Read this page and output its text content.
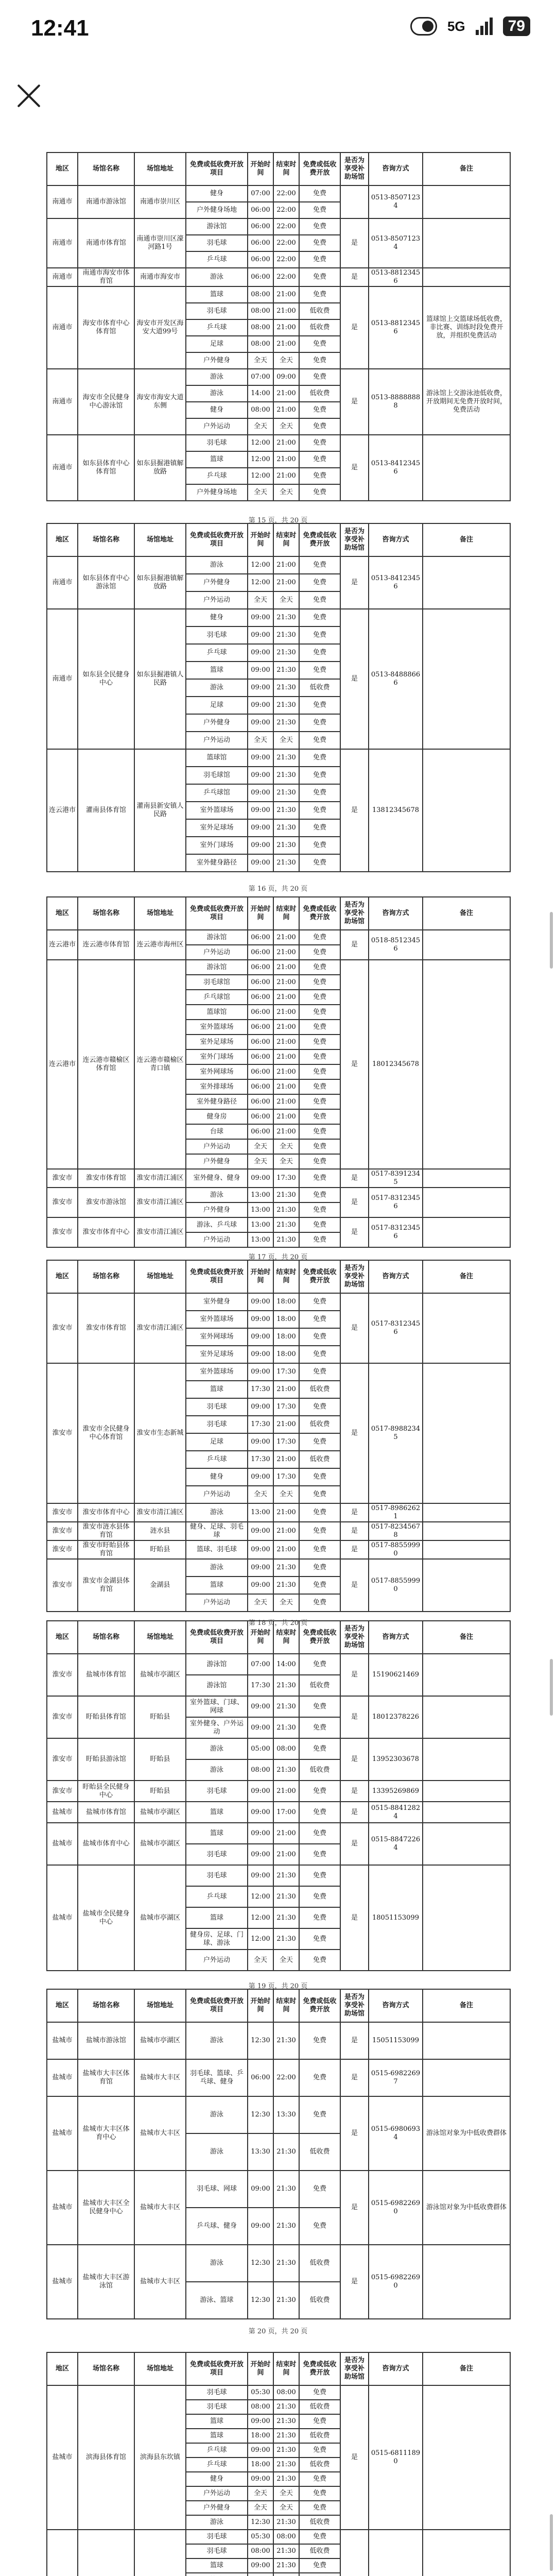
12:41	5G	79
地区	场馆名称	场馆地址	免费或低收费开放项目	开始时间	结束时间	免费或低收费开放	是否为享受补助场馆	咨询方式	备注
南通市	南通市游泳馆	南通市崇川区	健身	07:00	22:00	免费		0513-85071234	
			户外健身场地	06:00	22:00	免费			
南通市	南通市体育馆	南通市崇川区濠河路1号	游泳馆	06:00	22:00	免费	是	0513-85071234	
			羽毛球	06:00	22:00	免费			
			乒乓球	06:00	22:00	免费			
南通市	南通市海安市体育馆	南通市海安市	游泳	06:00	22:00	免费	是	0513-88123456	
南通市	海安市体育中心体育馆	海安市开发区海安大道99号	篮球	08:00	21:00	免费	是	0513-88123456	篮球馆上交篮球场低收费，非比赛、训练时段免费开放，并组织免费活动
			羽毛球	08:00	21:00	低收费			
			乒乓球	08:00	21:00	低收费			
			足球	08:00	21:00	免费			
			户外健身	全天	全天	免费			
南通市	海安市全民健身中心游泳馆	海安市海安大道东侧	游泳	07:00	09:00	免费	是	0513-88888888	游泳馆上交游泳池低收费，开放期间无免费开放时间，免费活动
			游泳	14:00	21:00	低收费			
			健身	08:00	21:00	免费			
			户外运动	全天	全天	免费			
南通市	如东县体育中心体育馆	如东县掘港镇解放路	羽毛球	12:00	21:00	免费	是	0513-84123456	
			篮球	12:00	21:00	免费			
			乒乓球	12:00	21:00	免费			
			户外健身场地	全天	全天	免费			
第 15 页，共 20 页
地区	场馆名称	场馆地址	免费或低收费开放项目	开始时间	结束时间	免费或低收费开放	是否为享受补助场馆	咨询方式	备注
南通市	如东县体育中心游泳馆	如东县掘港镇解放路	游泳	12:00	21:00	免费	是	0513-84123456	
			户外健身	12:00	21:00	免费			
			户外运动	全天	全天	免费			
南通市	如东县全民健身中心	如东县掘港镇人民路	健身	09:00	21:30	免费	是	0513-84888666	
			羽毛球	09:00	21:30	免费			
			乒乓球	09:00	21:30	免费			
			篮球	09:00	21:30	免费			
			游泳	09:00	21:30	低收费			
			足球	09:00	21:30	免费			
			户外健身	09:00	21:30	免费			
			户外运动	全天	全天	免费			
连云港市	灌南县体育馆	灌南县新安镇人民路	篮球馆	09:00	21:30	免费	是	13812345678	
			羽毛球馆	09:00	21:30	免费			
			乒乓球馆	09:00	21:30	免费			
			室外篮球场	09:00	21:30	免费			
			室外足球场	09:00	21:30	免费			
			室外门球场	09:00	21:30	免费			
			室外健身路径	09:00	21:30	免费			
第 16 页，共 20 页
地区	场馆名称	场馆地址	免费或低收费开放项目	开始时间	结束时间	免费或低收费开放	是否为享受补助场馆	咨询方式	备注
连云港市	连云港市体育馆	连云港市海州区	游泳馆	06:00	21:00	免费	是	0518-85123456	
			户外运动	06:00	21:00	免费			
连云港市	连云港市赣榆区体育馆	连云港市赣榆区青口镇	游泳馆	06:00	21:00	免费	是	18012345678	
			羽毛球馆	06:00	21:00	免费			
			乒乓球馆	06:00	21:00	免费			
			篮球馆	06:00	21:00	免费			
			室外篮球场	06:00	21:00	免费			
			室外足球场	06:00	21:00	免费			
			室外门球场	06:00	21:00	免费			
			室外网球场	06:00	21:00	免费			
			室外排球场	06:00	21:00	免费			
			室外健身路径	06:00	21:00	免费			
			健身房	06:00	21:00	免费			
			台球	06:00	21:00	免费			
			户外运动	全天	全天	免费			
			户外健身	全天	全天	免费			
淮安市	淮安市体育馆	淮安市清江浦区	室外健身、健身	09:00	17:30	免费	是	0517-83912345	
淮安市	淮安市游泳馆	淮安市清江浦区	游泳	13:00	21:30	免费	是	0517-83123456	
			户外健身	13:00	21:30	免费			
淮安市	淮安市体育中心	淮安市清江浦区	游泳、乒乓球	13:00	21:30	免费	是	0517-83123456	
			户外运动	13:00	21:30	免费			
第 17 页，共 20 页
地区	场馆名称	场馆地址	免费或低收费开放项目	开始时间	结束时间	免费或低收费开放	是否为享受补助场馆	咨询方式	备注
淮安市	淮安市体育馆	淮安市清江浦区	室外健身	09:00	18:00	免费	是	0517-83123456	
			室外篮球场	09:00	18:00	免费			
			室外网球场	09:00	18:00	免费			
			室外足球场	09:00	18:00	免费			
淮安市	淮安市全民健身中心体育馆	淮安市生态新城	室外篮球场	09:00	17:30	免费	是	0517-89882345	
			篮球	17:30	21:00	低收费			
			羽毛球	09:00	17:30	免费			
			羽毛球	17:30	21:00	低收费			
			足球	09:00	17:30	免费			
			乒乓球	17:30	21:00	低收费			
			健身	09:00	17:30	免费			
			户外运动	全天	全天	免费			
淮安市	淮安市体育中心	淮安市清江浦区	游泳	13:00	21:00	免费	是	0517-89862621	
淮安市	淮安市涟水县体育馆	涟水县	健身、足球、羽毛球	09:00	21:00	免费	是	0517-82345678	
淮安市	淮安市盱眙县体育馆	盱眙县	篮球、羽毛球	09:00	21:00	免费	是	0517-88559990	
淮安市	淮安市金湖县体育馆	金湖县	游泳	09:00	21:30	免费	是	0517-88559990	
			篮球	09:00	21:30	免费			
			户外运动	全天	全天	免费			
第 18 页，共 20 页
地区	场馆名称	场馆地址	免费或低收费开放项目	开始时间	结束时间	免费或低收费开放	是否为享受补助场馆	咨询方式	备注
淮安市	盐城市体育馆	盐城市亭湖区	游泳馆	07:00	14:00	免费	是	15190621469	
			游泳馆	17:30	21:30	低收费			
淮安市	盱眙县体育馆	盱眙县	室外篮球、门球、网球	09:00	21:30	免费	是	18012378226	
			室外健身、户外运动	09:00	21:30	免费			
淮安市	盱眙县游泳馆	盱眙县	游泳	05:00	08:00	免费	是	13952303678	
			游泳	08:00	21:30	低收费			
淮安市	盱眙县全民健身中心	盱眙县	羽毛球	09:00	21:00	免费	是	13395269869	
盐城市	盐城市体育馆	盐城市亭湖区	篮球	09:00	17:00	免费	是	0515-88412824	
盐城市	盐城市体育中心	盐城市亭湖区	篮球	09:00	21:00	免费	是	0515-88472264	
			羽毛球	09:00	21:00	免费			
盐城市	盐城市全民健身中心	盐城市亭湖区	羽毛球	09:00	21:30	免费	是	18051153099	
			乒乓球	12:00	21:30	免费			
			篮球	12:00	21:30	免费			
			健身房、足球、门球、游泳	12:00	21:30	免费			
			户外运动	全天	全天	免费			
第 19 页，共 20 页
地区	场馆名称	场馆地址	免费或低收费开放项目	开始时间	结束时间	免费或低收费开放	是否为享受补助场馆	咨询方式	备注
盐城市	盐城市游泳馆	盐城市亭湖区	游泳	12:30	21:30	免费	是	15051153099	
盐城市	盐城市大丰区体育馆	盐城市大丰区	羽毛球、篮球、乒乓球、健身	06:00	22:00	免费	是	0515-69822697	
盐城市	盐城市大丰区体育中心	盐城市大丰区	游泳	12:30	13:30	免费	是	0515-69806934	游泳馆对象为中低收费群体
			游泳	13:30	21:30	低收费			
盐城市	盐城市大丰区全民健身中心	盐城市大丰区	羽毛球、网球	09:00	21:30	免费	是	0515-69822690	游泳馆对象为中低收费群体
			乒乓球、健身	09:00	21:30	免费			
盐城市	盐城市大丰区游泳馆	盐城市大丰区	游泳	12:30	21:30	低收费	是	0515-69822690	
			游泳、篮球	12:30	21:30	低收费			
第 20 页，共 20 页
地区	场馆名称	场馆地址	免费或低收费开放项目	开始时间	结束时间	免费或低收费开放	是否为享受补助场馆	咨询方式	备注
盐城市	滨海县体育馆	滨海县东坎镇	羽毛球	05:30	08:00	免费	是	0515-68111890	
			羽毛球	08:00	21:30	低收费			
			篮球	09:00	21:30	免费			
			篮球	18:00	21:30	低收费			
			乒乓球	09:00	21:30	免费			
			乒乓球	18:00	21:30	低收费			
			健身	09:00	21:30	免费			
			户外运动	全天	全天	免费			
			户外健身	全天	全天	免费			
			游泳	12:30	21:30	低收费			
			羽毛球	05:30	08:00	免费			
			羽毛球	08:00	21:30	低收费			
			篮球	09:00	21:30	免费			
